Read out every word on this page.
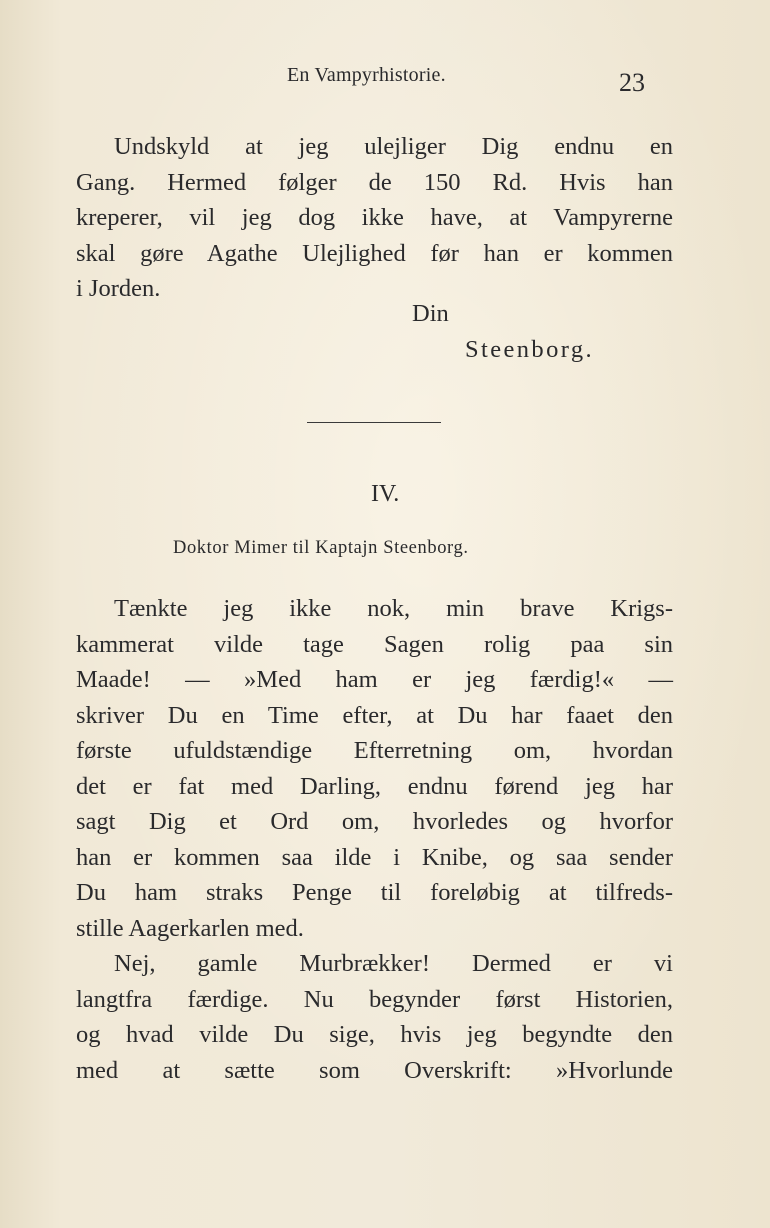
En Vampyrhistorie.	23
Undskyld at jeg ulejliger Dig endnu en
Gang. Hermed følger de 150 Rd. Hvis han
kreperer, vil jeg dog ikke have, at Vampyrerne
skal gøre Agathe Ulejlighed før han er kommen
i Jorden.
Din
Steenborg.
IV.
Doktor Mimer til Kaptajn Steenborg.
Tænkte jeg ikke nok, min brave Krigs-
kammerat vilde tage Sagen rolig paa sin
Maade! — »Med ham er jeg færdig!« —
skriver Du en Time efter, at Du har faaet den
første ufuldstændige Efterretning om, hvordan
det er fat med Darling, endnu førend jeg har
sagt Dig et Ord om, hvorledes og hvorfor
han er kommen saa ilde i Knibe, og saa sender
Du ham straks Penge til foreløbig at tilfreds-
stille Aagerkarlen med.
Nej, gamle Murbrækker! Dermed er vi
langtfra færdige. Nu begynder først Historien,
og hvad vilde Du sige, hvis jeg begyndte den
med at sætte som Overskrift: »Hvorlunde
